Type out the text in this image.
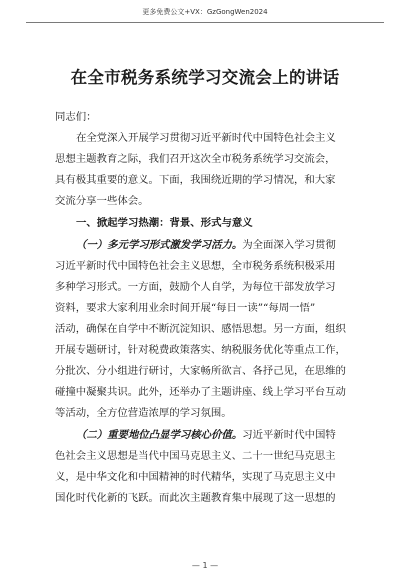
更多免费公文+VX：GzGongWen2024
在全市税务系统学习交流会上的讲话
同志们：
在全党深入开展学习贯彻习近平新时代中国特色社会主义
思想主题教育之际，我们召开这次全市税务系统学习交流会，
具有极其重要的意义。下面，我围绕近期的学习情况，和大家
交流分享一些体会。
一、掀起学习热潮：背景、形式与意义
（一）多元学习形式激发学习活力。为全面深入学习贯彻
习近平新时代中国特色社会主义思想，全市税务系统积极采用
多种学习形式。一方面，鼓励个人自学，为每位干部发放学习
资料，要求大家利用业余时间开展“每日一读”“每周一悟”
活动，确保在自学中不断沉淀知识、感悟思想。另一方面，组织
开展专题研讨，针对税费政策落实、纳税服务优化等重点工作，
分批次、分小组进行研讨，大家畅所欲言、各抒己见，在思维的
碰撞中凝聚共识。此外，还举办了主题讲座、线上学习平台互动
等活动，全方位营造浓厚的学习氛围。
（二）重要地位凸显学习核心价值。习近平新时代中国特
色社会主义思想是当代中国马克思主义、二十一世纪马克思主
义，是中华文化和中国精神的时代精华，实现了马克思主义中
国化时代化新的飞跃。而此次主题教育集中展现了这一思想的
— 1 —
